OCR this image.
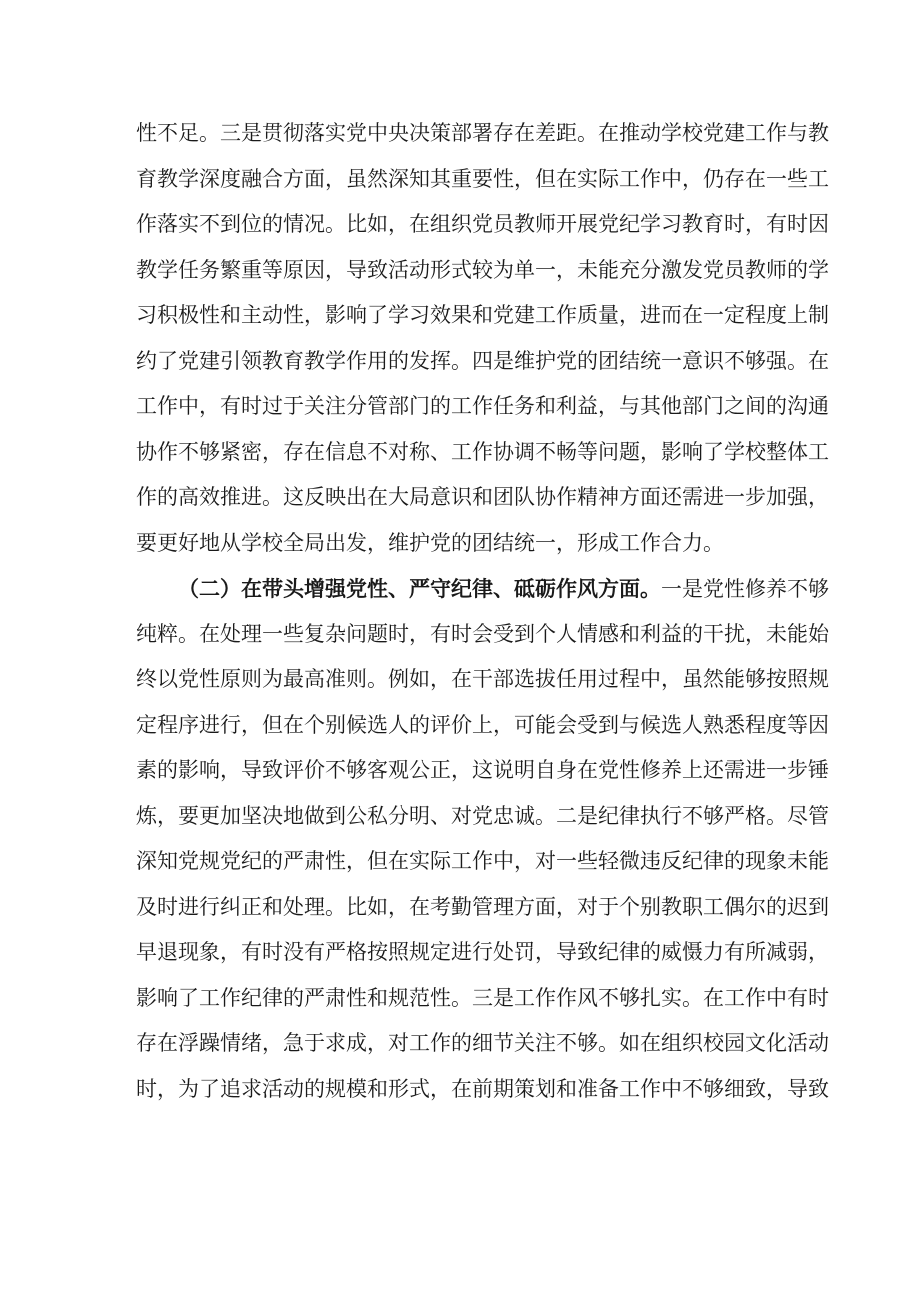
性不足。三是贯彻落实党中央决策部署存在差距。在推动学校党建工作与教
育教学深度融合方面，虽然深知其重要性，但在实际工作中，仍存在一些工
作落实不到位的情况。比如，在组织党员教师开展党纪学习教育时，有时因
教学任务繁重等原因，导致活动形式较为单一，未能充分激发党员教师的学
习积极性和主动性，影响了学习效果和党建工作质量，进而在一定程度上制
约了党建引领教育教学作用的发挥。四是维护党的团结统一意识不够强。在
工作中，有时过于关注分管部门的工作任务和利益，与其他部门之间的沟通
协作不够紧密，存在信息不对称、工作协调不畅等问题，影响了学校整体工
作的高效推进。这反映出在大局意识和团队协作精神方面还需进一步加强，
要更好地从学校全局出发，维护党的团结统一，形成工作合力。
（二）在带头增强党性、严守纪律、砥砺作风方面。一是党性修养不够
纯粹。在处理一些复杂问题时，有时会受到个人情感和利益的干扰，未能始
终以党性原则为最高准则。例如，在干部选拔任用过程中，虽然能够按照规
定程序进行，但在个别候选人的评价上，可能会受到与候选人熟悉程度等因
素的影响，导致评价不够客观公正，这说明自身在党性修养上还需进一步锤
炼，要更加坚决地做到公私分明、对党忠诚。二是纪律执行不够严格。尽管
深知党规党纪的严肃性，但在实际工作中，对一些轻微违反纪律的现象未能
及时进行纠正和处理。比如，在考勤管理方面，对于个别教职工偶尔的迟到
早退现象，有时没有严格按照规定进行处罚，导致纪律的威慑力有所减弱，
影响了工作纪律的严肃性和规范性。三是工作作风不够扎实。在工作中有时
存在浮躁情绪，急于求成，对工作的细节关注不够。如在组织校园文化活动
时，为了追求活动的规模和形式，在前期策划和准备工作中不够细致，导致
